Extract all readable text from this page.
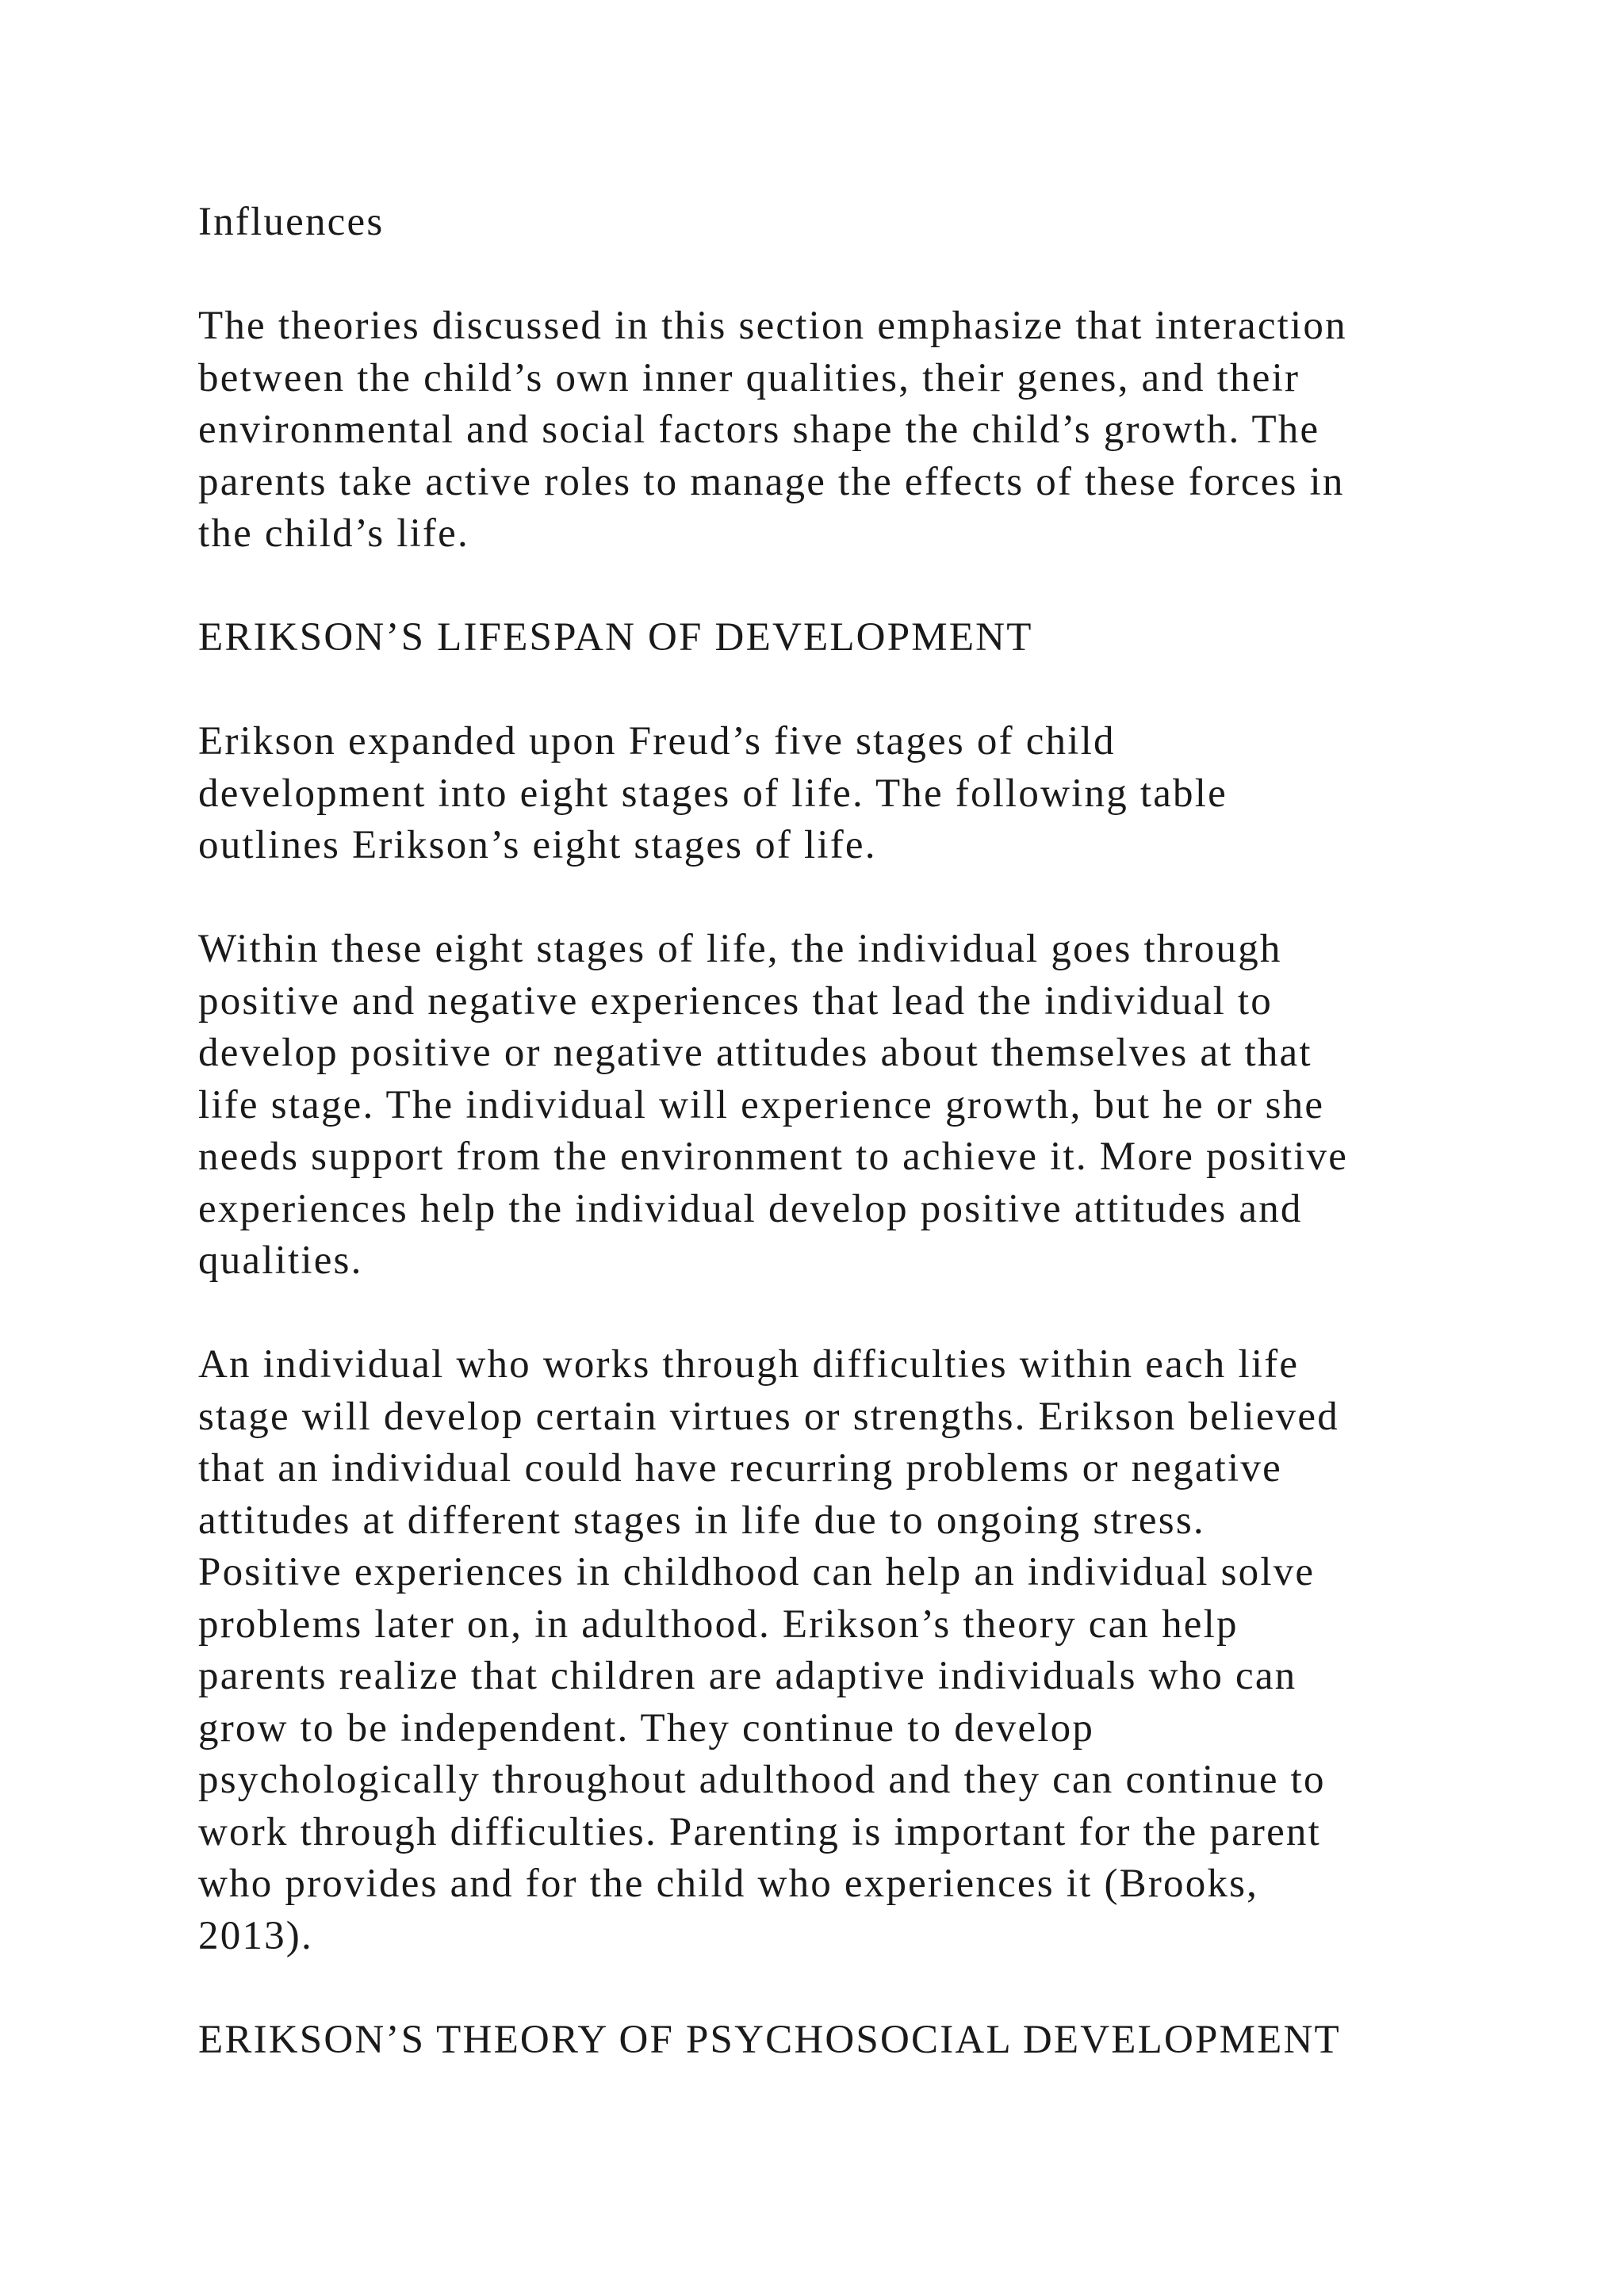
Influences
The theories discussed in this section emphasize that interaction
between the child’s own inner qualities, their genes, and their
environmental and social factors shape the child’s growth. The
parents take active roles to manage the effects of these forces in
the child’s life.
ERIKSON’S LIFESPAN OF DEVELOPMENT
Erikson expanded upon Freud’s five stages of child
development into eight stages of life. The following table
outlines Erikson’s eight stages of life.
Within these eight stages of life, the individual goes through
positive and negative experiences that lead the individual to
develop positive or negative attitudes about themselves at that
life stage. The individual will experience growth, but he or she
needs support from the environment to achieve it. More positive
experiences help the individual develop positive attitudes and
qualities.
An individual who works through difficulties within each life
stage will develop certain virtues or strengths. Erikson believed
that an individual could have recurring problems or negative
attitudes at different stages in life due to ongoing stress.
Positive experiences in childhood can help an individual solve
problems later on, in adulthood. Erikson’s theory can help
parents realize that children are adaptive individuals who can
grow to be independent. They continue to develop
psychologically throughout adulthood and they can continue to
work through difficulties. Parenting is important for the parent
who provides and for the child who experiences it (Brooks,
2013).
ERIKSON’S THEORY OF PSYCHOSOCIAL DEVELOPMENT
